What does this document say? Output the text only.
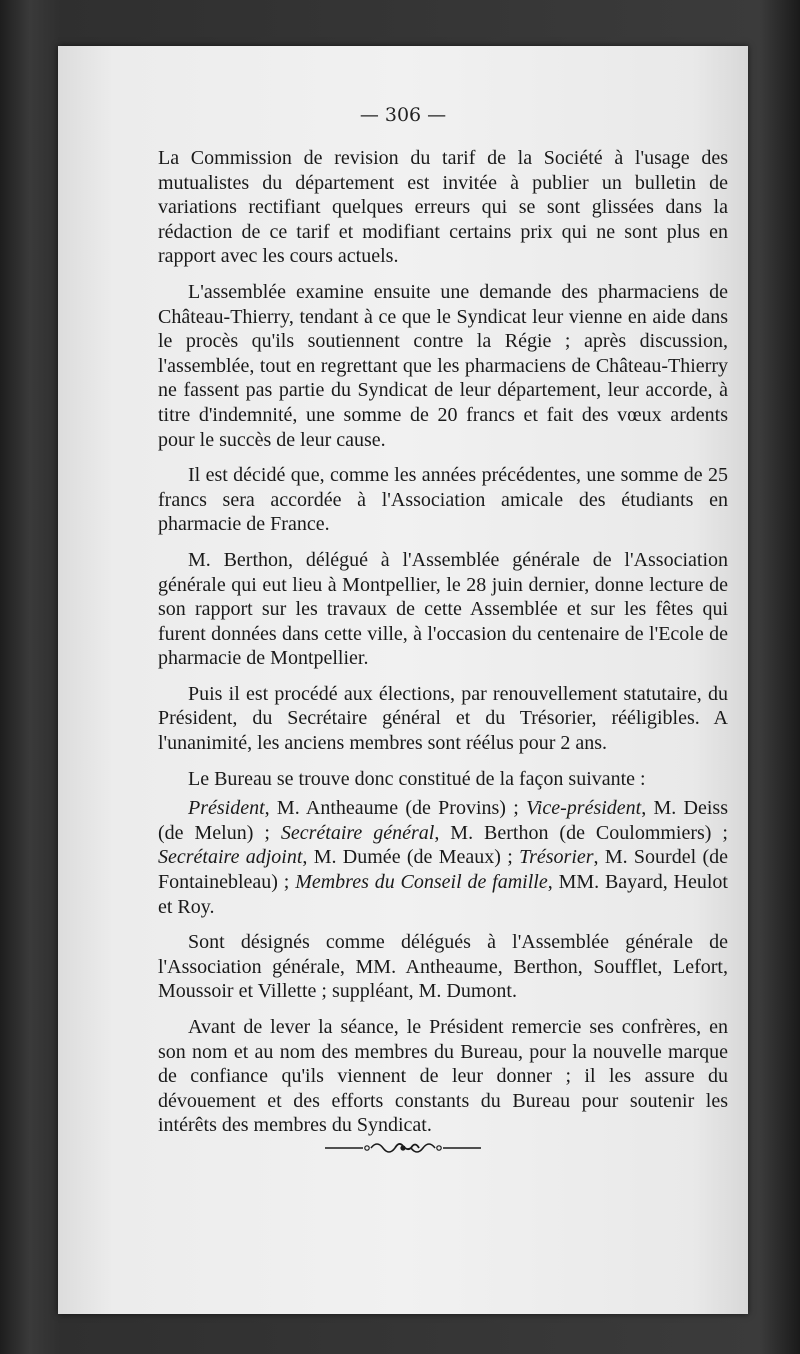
— 306 —

La Commission de revision du tarif de la Société à l'usage des mutualistes du département est invitée à publier un bulletin de variations rectifiant quelques erreurs qui se sont glissées dans la rédaction de ce tarif et modifiant certains prix qui ne sont plus en rapport avec les cours actuels.

L'assemblée examine ensuite une demande des pharmaciens de Château-Thierry, tendant à ce que le Syndicat leur vienne en aide dans le procès qu'ils soutiennent contre la Régie ; après discussion, l'assemblée, tout en regrettant que les pharmaciens de Château-Thierry ne fassent pas partie du Syndicat de leur département, leur accorde, à titre d'indemnité, une somme de 20 francs et fait des vœux ardents pour le succès de leur cause.

Il est décidé que, comme les années précédentes, une somme de 25 francs sera accordée à l'Association amicale des étudiants en pharmacie de France.

M. Berthon, délégué à l'Assemblée générale de l'Association générale qui eut lieu à Montpellier, le 28 juin dernier, donne lecture de son rapport sur les travaux de cette Assemblée et sur les fêtes qui furent données dans cette ville, à l'occasion du centenaire de l'Ecole de pharmacie de Montpellier.

Puis il est procédé aux élections, par renouvellement statutaire, du Président, du Secrétaire général et du Trésorier, rééligibles. A l'unanimité, les anciens membres sont réélus pour 2 ans.

Le Bureau se trouve donc constitué de la façon suivante :

Président, M. Antheaume (de Provins) ; Vice-président, M. Deiss (de Melun) ; Secrétaire général, M. Berthon (de Coulommiers) ; Secrétaire adjoint, M. Dumée (de Meaux) ; Trésorier, M. Sourdel (de Fontainebleau) ; Membres du Conseil de famille, MM. Bayard, Heulot et Roy.

Sont désignés comme délégués à l'Assemblée générale de l'Association générale, MM. Antheaume, Berthon, Soufflet, Lefort, Moussoir et Villette ; suppléant, M. Dumont.

Avant de lever la séance, le Président remercie ses confrères, en son nom et au nom des membres du Bureau, pour la nouvelle marque de confiance qu'ils viennent de leur donner ; il les assure du dévouement et des efforts constants du Bureau pour soutenir les intérêts des membres du Syndicat.
